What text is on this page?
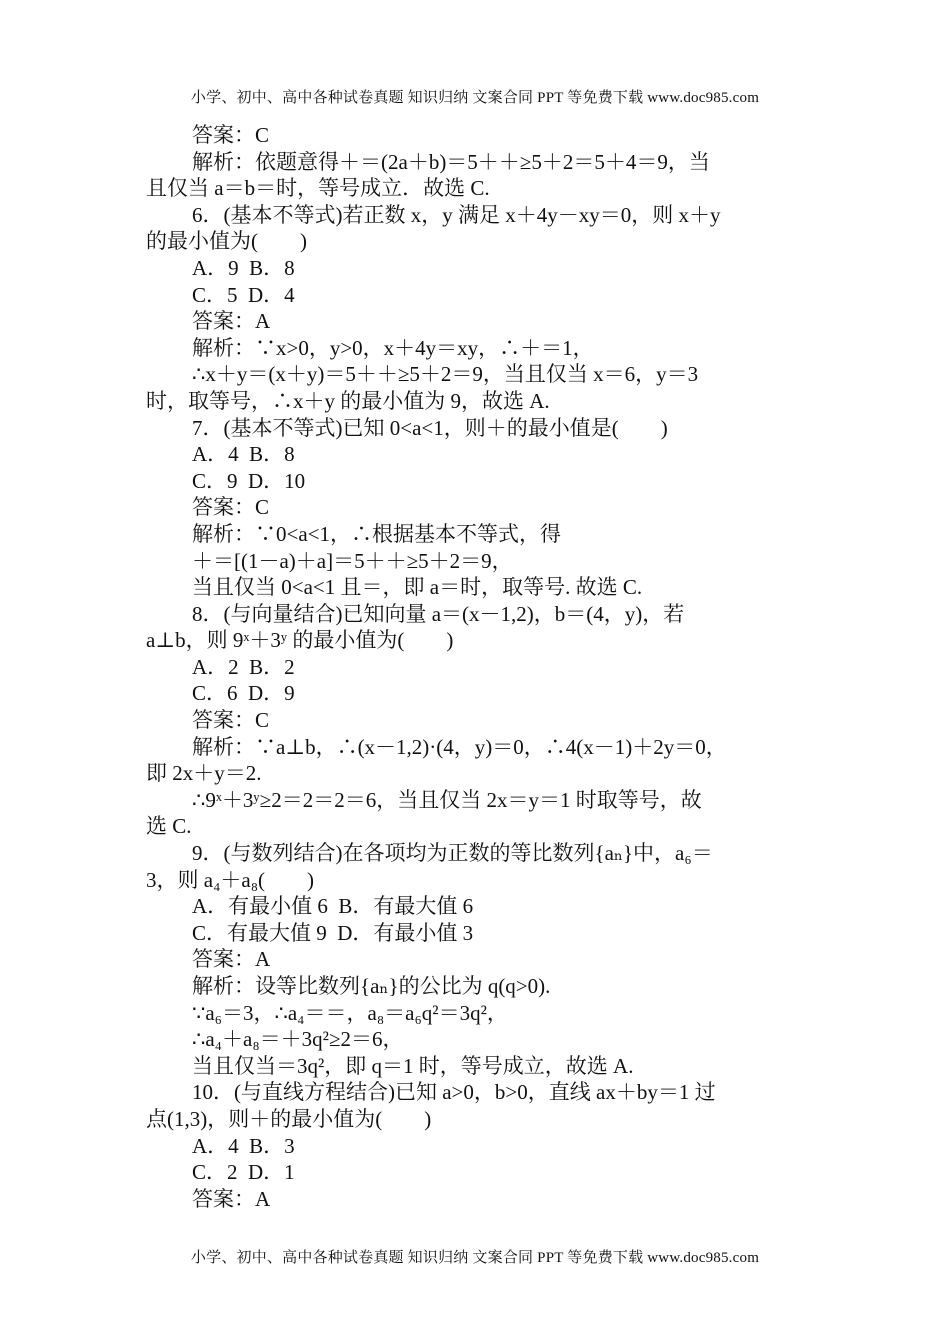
小学、初中、高中各种试卷真题 知识归纳 文案合同 PPT 等免费下载 www.doc985.com
答案：C
解析：依题意得＋＝(2a＋b)＝5＋＋≥5＋2＝5＋4＝9，当
且仅当 a＝b＝时，等号成立．故选 C.
6．(基本不等式)若正数 x，y 满足 x＋4y－xy＝0，则 x＋y
的最小值为(　　)
A．9  B．8
C．5  D．4
答案：A
解析：∵x>0，y>0，x＋4y＝xy，∴＋＝1，
∴x＋y＝(x＋y)＝5＋＋≥5＋2＝9，当且仅当 x＝6，y＝3
时，取等号，∴x＋y 的最小值为 9，故选 A.
7．(基本不等式)已知 0<a<1，则＋的最小值是(　　)
A．4  B．8
C．9  D．10
答案：C
解析：∵0<a<1，∴根据基本不等式，得
＋＝[(1－a)＋a]＝5＋＋≥5＋2＝9，
当且仅当 0<a<1 且＝，即 a＝时，取等号. 故选 C.
8．(与向量结合)已知向量 a＝(x－1,2)，b＝(4，y)，若
a⊥b，则 9ˣ＋3ʸ 的最小值为(　　)
A．2  B．2
C．6  D．9
答案：C
解析：∵a⊥b，∴(x－1,2)·(4，y)＝0，∴4(x－1)＋2y＝0，
即 2x＋y＝2.
∴9ˣ＋3ʸ≥2＝2＝2＝6，当且仅当 2x＝y＝1 时取等号，故
选 C.
9．(与数列结合)在各项均为正数的等比数列{aₙ}中，a₆＝
3，则 a₄＋a₈(　　)
A．有最小值 6  B．有最大值 6
C．有最大值 9  D．有最小值 3
答案：A
解析：设等比数列{aₙ}的公比为 q(q>0).
∵a₆＝3，∴a₄＝＝，a₈＝a₆q²＝3q²，
∴a₄＋a₈＝＋3q²≥2＝6，
当且仅当＝3q²，即 q＝1 时，等号成立，故选 A.
10．(与直线方程结合)已知 a>0，b>0，直线 ax＋by＝1 过
点(1,3)，则＋的最小值为(　　)
A．4  B．3
C．2  D．1
答案：A
小学、初中、高中各种试卷真题 知识归纳 文案合同 PPT 等免费下载 www.doc985.com
